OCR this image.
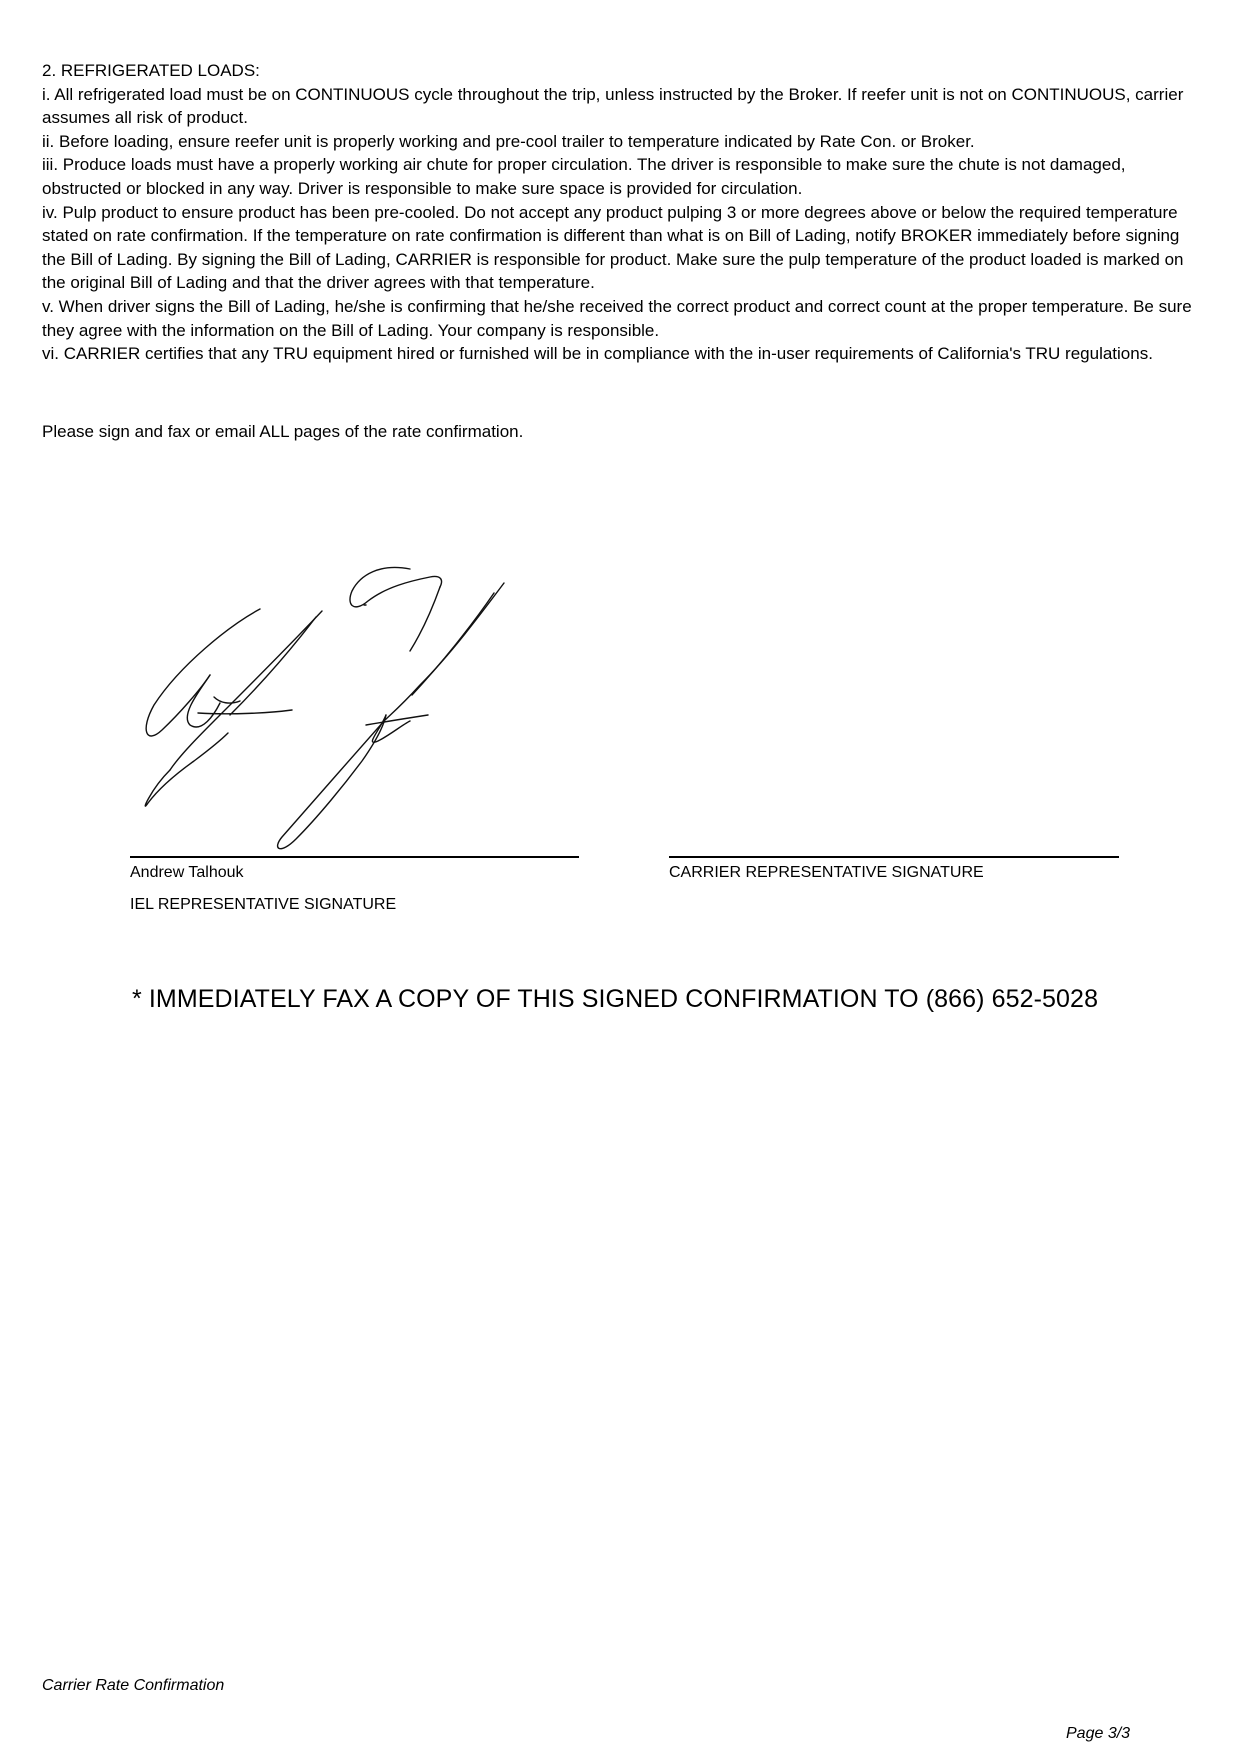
2. REFRIGERATED LOADS:

i. All refrigerated load must be on CONTINUOUS cycle throughout the trip, unless instructed by the Broker. If reefer unit is not on CONTINUOUS, carrier assumes all risk of product.

ii. Before loading, ensure reefer unit is properly working and pre-cool trailer to temperature indicated by Rate Con. or Broker.

iii. Produce loads must have a properly working air chute for proper circulation. The driver is responsible to make sure the chute is not damaged, obstructed or blocked in any way. Driver is responsible to make sure space is provided for circulation.

iv. Pulp product to ensure product has been pre-cooled. Do not accept any product pulping 3 or more degrees above or below the required temperature stated on rate confirmation. If the temperature on rate confirmation is different than what is on Bill of Lading, notify BROKER immediately before signing the Bill of Lading. By signing the Bill of Lading, CARRIER is responsible for product. Make sure the pulp temperature of the product loaded is marked on the original Bill of Lading and that the driver agrees with that temperature.

v. When driver signs the Bill of Lading, he/she is confirming that he/she received the correct product and correct count at the proper temperature. Be sure they agree with the information on the Bill of Lading. Your company is responsible.

vi. CARRIER certifies that any TRU equipment hired or furnished will be in compliance with the in-user requirements of California's TRU regulations.

Please sign and fax or email ALL pages of the rate confirmation.

Andrew Talhouk

IEL REPRESENTATIVE SIGNATURE

CARRIER REPRESENTATIVE SIGNATURE

* IMMEDIATELY FAX A COPY OF THIS SIGNED CONFIRMATION TO (866) 652-5028

Carrier Rate Confirmation

Page 3/3
